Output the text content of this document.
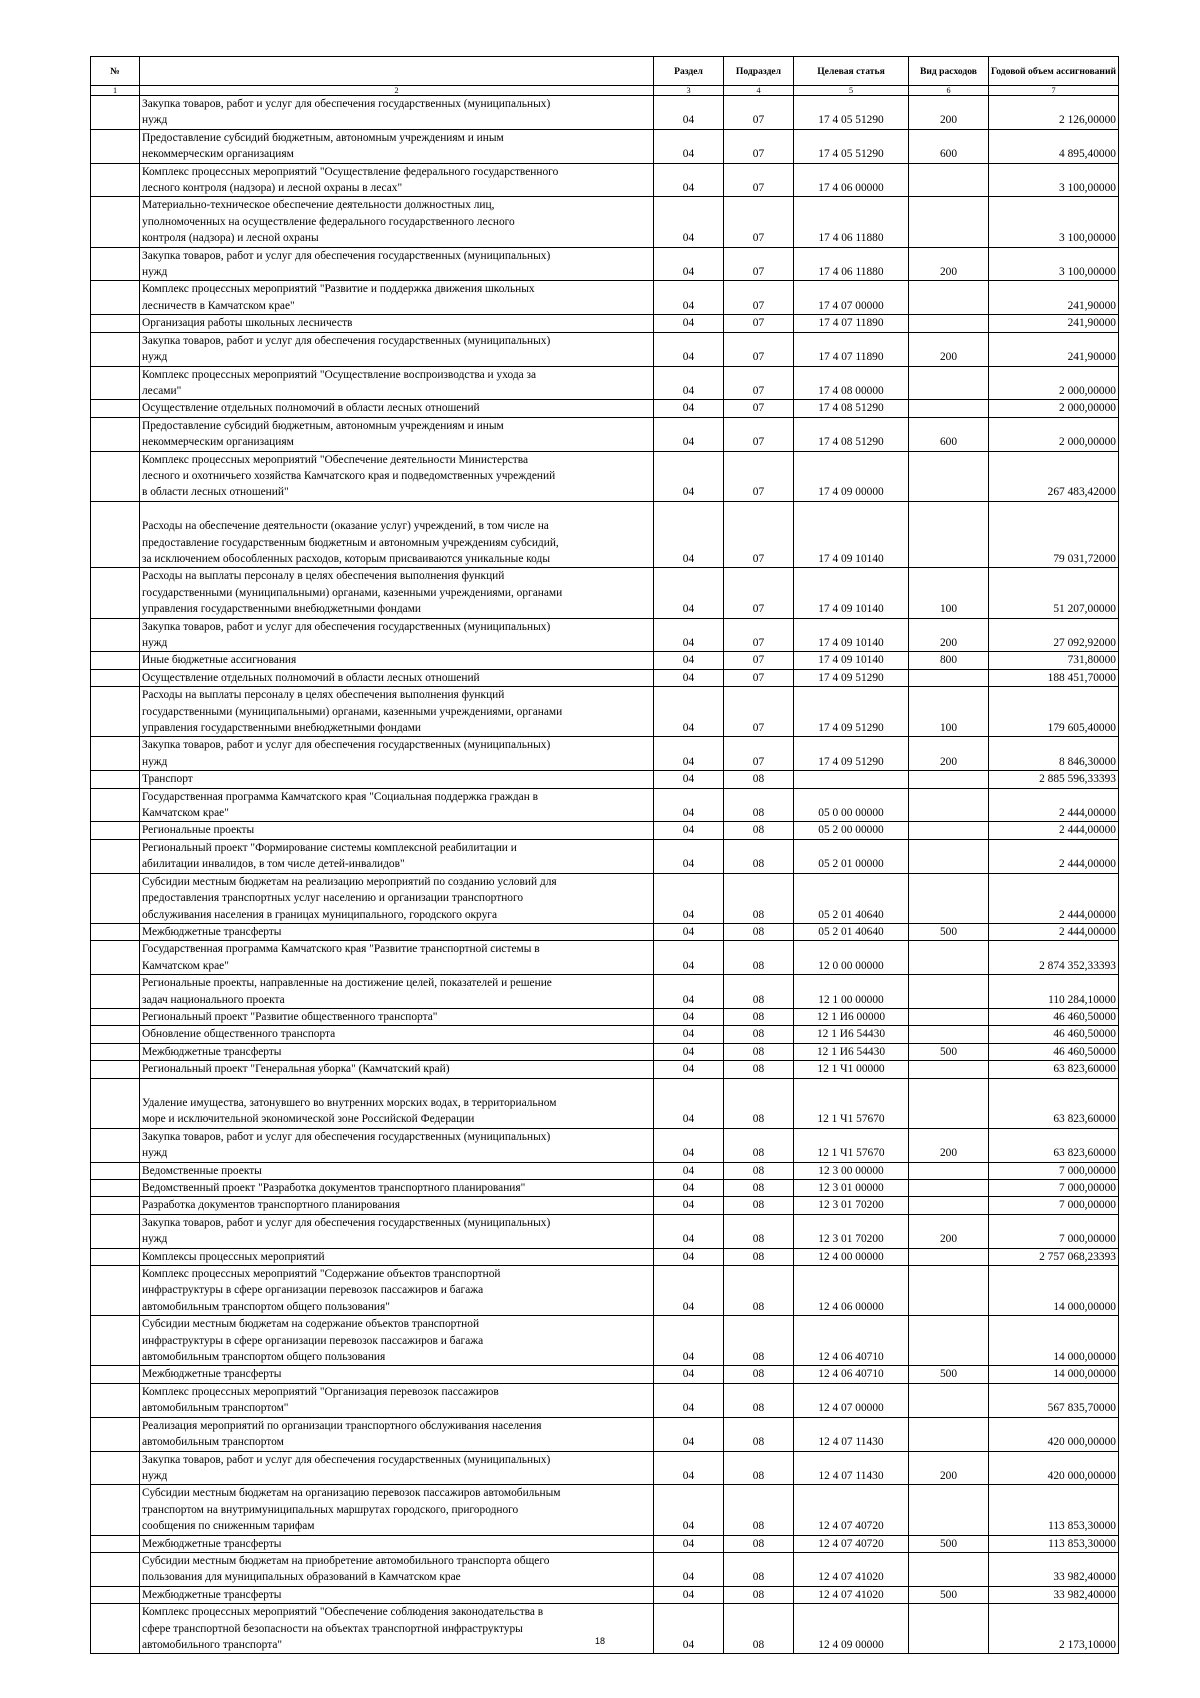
№		Раздел	Подраздел	Целевая статья	Вид расходов	Годовой объем ассигнований
1	2	3	4	5	6	7

	Закупка товаров, работ и услуг для обеспечения государственных (муниципальных)
нужд	04	07	17 4 05 51290	200	2 126,00000

	Предоставление субсидий бюджетным, автономным учреждениям и иным
некоммерческим организациям	04	07	17 4 05 51290	600	4 895,40000

	Комплекс процессных мероприятий "Осуществление федерального государственного
лесного контроля (надзора) и лесной охраны в лесах"	04	07	17 4 06 00000		3 100,00000

	Материально-техническое обеспечение деятельности должностных лиц,
уполномоченных на осуществление федерального государственного лесного
контроля (надзора) и лесной охраны	04	07	17 4 06 11880		3 100,00000

	Закупка товаров, работ и услуг для обеспечения государственных (муниципальных)
нужд	04	07	17 4 06 11880	200	3 100,00000

	Комплекс процессных мероприятий "Развитие и поддержка движения школьных
лесничеств в Камчатском крае"	04	07	17 4 07 00000		241,90000

	Организация работы школьных лесничеств	04	07	17 4 07 11890		241,90000

	Закупка товаров, работ и услуг для обеспечения государственных (муниципальных)
нужд	04	07	17 4 07 11890	200	241,90000

	Комплекс процессных мероприятий "Осуществление воспроизводства и ухода за
лесами"	04	07	17 4 08 00000		2 000,00000

	Осуществление отдельных полномочий в области лесных отношений	04	07	17 4 08 51290		2 000,00000

	Предоставление субсидий бюджетным, автономным учреждениям и иным
некоммерческим организациям	04	07	17 4 08 51290	600	2 000,00000

	Комплекс процессных мероприятий "Обеспечение деятельности Министерства
лесного и охотничьего хозяйства Камчатского края и подведомственных учреждений
в области лесных отношений"	04	07	17 4 09 00000		267 483,42000

Расходы на обеспечение деятельности (оказание услуг) учреждений, в том числе на
предоставление государственным бюджетным и автономным учреждениям субсидий,
за исключением обособленных расходов, которым присваиваются уникальные коды	04	07	17 4 09 10140		79 031,72000

	Расходы на выплаты персоналу в целях обеспечения выполнения функций
государственными (муниципальными) органами, казенными учреждениями, органами
управления государственными внебюджетными фондами	04	07	17 4 09 10140	100	51 207,00000

	Закупка товаров, работ и услуг для обеспечения государственных (муниципальных)
нужд	04	07	17 4 09 10140	200	27 092,92000

	Иные бюджетные ассигнования	04	07	17 4 09 10140	800	731,80000

	Осуществление отдельных полномочий в области лесных отношений	04	07	17 4 09 51290		188 451,70000

	Расходы на выплаты персоналу в целях обеспечения выполнения функций
государственными (муниципальными) органами, казенными учреждениями, органами
управления государственными внебюджетными фондами	04	07	17 4 09 51290	100	179 605,40000

	Закупка товаров, работ и услуг для обеспечения государственных (муниципальных)
нужд	04	07	17 4 09 51290	200	8 846,30000

	Транспорт	04	08			2 885 596,33393

	Государственная программа Камчатского края "Социальная поддержка граждан в
Камчатском крае"	04	08	05 0 00 00000		2 444,00000

	Региональные проекты	04	08	05 2 00 00000		2 444,00000

	Региональный проект "Формирование системы комплексной реабилитации и
абилитации инвалидов, в том числе детей-инвалидов"	04	08	05 2 01 00000		2 444,00000

	Субсидии местным бюджетам на реализацию мероприятий по созданию условий для
предоставления транспортных услуг населению и организации транспортного
обслуживания населения в границах муниципального, городского округа	04	08	05 2 01 40640		2 444,00000

	Межбюджетные трансферты	04	08	05 2 01 40640	500	2 444,00000

	Государственная программа Камчатского края "Развитие транспортной системы в
Камчатском крае"	04	08	12 0 00 00000		2 874 352,33393

	Региональные проекты, направленные на достижение целей, показателей и решение
задач национального проекта	04	08	12 1 00 00000		110 284,10000

	Региональный проект "Развитие общественного транспорта"	04	08	12 1 И6 00000		46 460,50000

	Обновление общественного транспорта	04	08	12 1 И6 54430		46 460,50000

	Межбюджетные трансферты	04	08	12 1 И6 54430	500	46 460,50000

	Региональный проект "Генеральная уборка" (Камчатский край)	04	08	12 1 Ч1 00000		63 823,60000

Удаление имущества, затонувшего во внутренних морских водах, в территориальном
море и исключительной экономической зоне Российской Федерации	04	08	12 1 Ч1 57670		63 823,60000

	Закупка товаров, работ и услуг для обеспечения государственных (муниципальных)
нужд	04	08	12 1 Ч1 57670	200	63 823,60000

	Ведомственные проекты	04	08	12 3 00 00000		7 000,00000

	Ведомственный проект "Разработка документов транспортного планирования"	04	08	12 3 01 00000		7 000,00000

	Разработка документов транспортного планирования	04	08	12 3 01 70200		7 000,00000

	Закупка товаров, работ и услуг для обеспечения государственных (муниципальных)
нужд	04	08	12 3 01 70200	200	7 000,00000

	Комплексы процессных мероприятий	04	08	12 4 00 00000		2 757 068,23393

	Комплекс процессных мероприятий "Содержание объектов транспортной
инфраструктуры в сфере организации перевозок пассажиров и багажа
автомобильным транспортом общего пользования"	04	08	12 4 06 00000		14 000,00000

	Субсидии местным бюджетам на содержание объектов транспортной
инфраструктуры в сфере организации перевозок пассажиров и багажа
автомобильным транспортом общего пользования	04	08	12 4 06 40710		14 000,00000

	Межбюджетные трансферты	04	08	12 4 06 40710	500	14 000,00000

	Комплекс процессных мероприятий "Организация перевозок пассажиров
автомобильным транспортом"	04	08	12 4 07 00000		567 835,70000

	Реализация мероприятий по организации транспортного обслуживания населения
автомобильным транспортом	04	08	12 4 07 11430		420 000,00000

	Закупка товаров, работ и услуг для обеспечения государственных (муниципальных)
нужд	04	08	12 4 07 11430	200	420 000,00000

	Субсидии местным бюджетам на организацию перевозок пассажиров автомобильным
транспортом на внутримуниципальных маршрутах городского, пригородного
сообщения по сниженным тарифам	04	08	12 4 07 40720		113 853,30000

	Межбюджетные трансферты	04	08	12 4 07 40720	500	113 853,30000

	Субсидии местным бюджетам на приобретение автомобильного транспорта общего
пользования для муниципальных образований в Камчатском крае	04	08	12 4 07 41020		33 982,40000

	Межбюджетные трансферты	04	08	12 4 07 41020	500	33 982,40000

	Комплекс процессных мероприятий "Обеспечение соблюдения законодательства в
сфере транспортной безопасности на объектах транспортной инфраструктуры
автомобильного транспорта"	04	08	12 4 09 00000		2 173,10000
18
